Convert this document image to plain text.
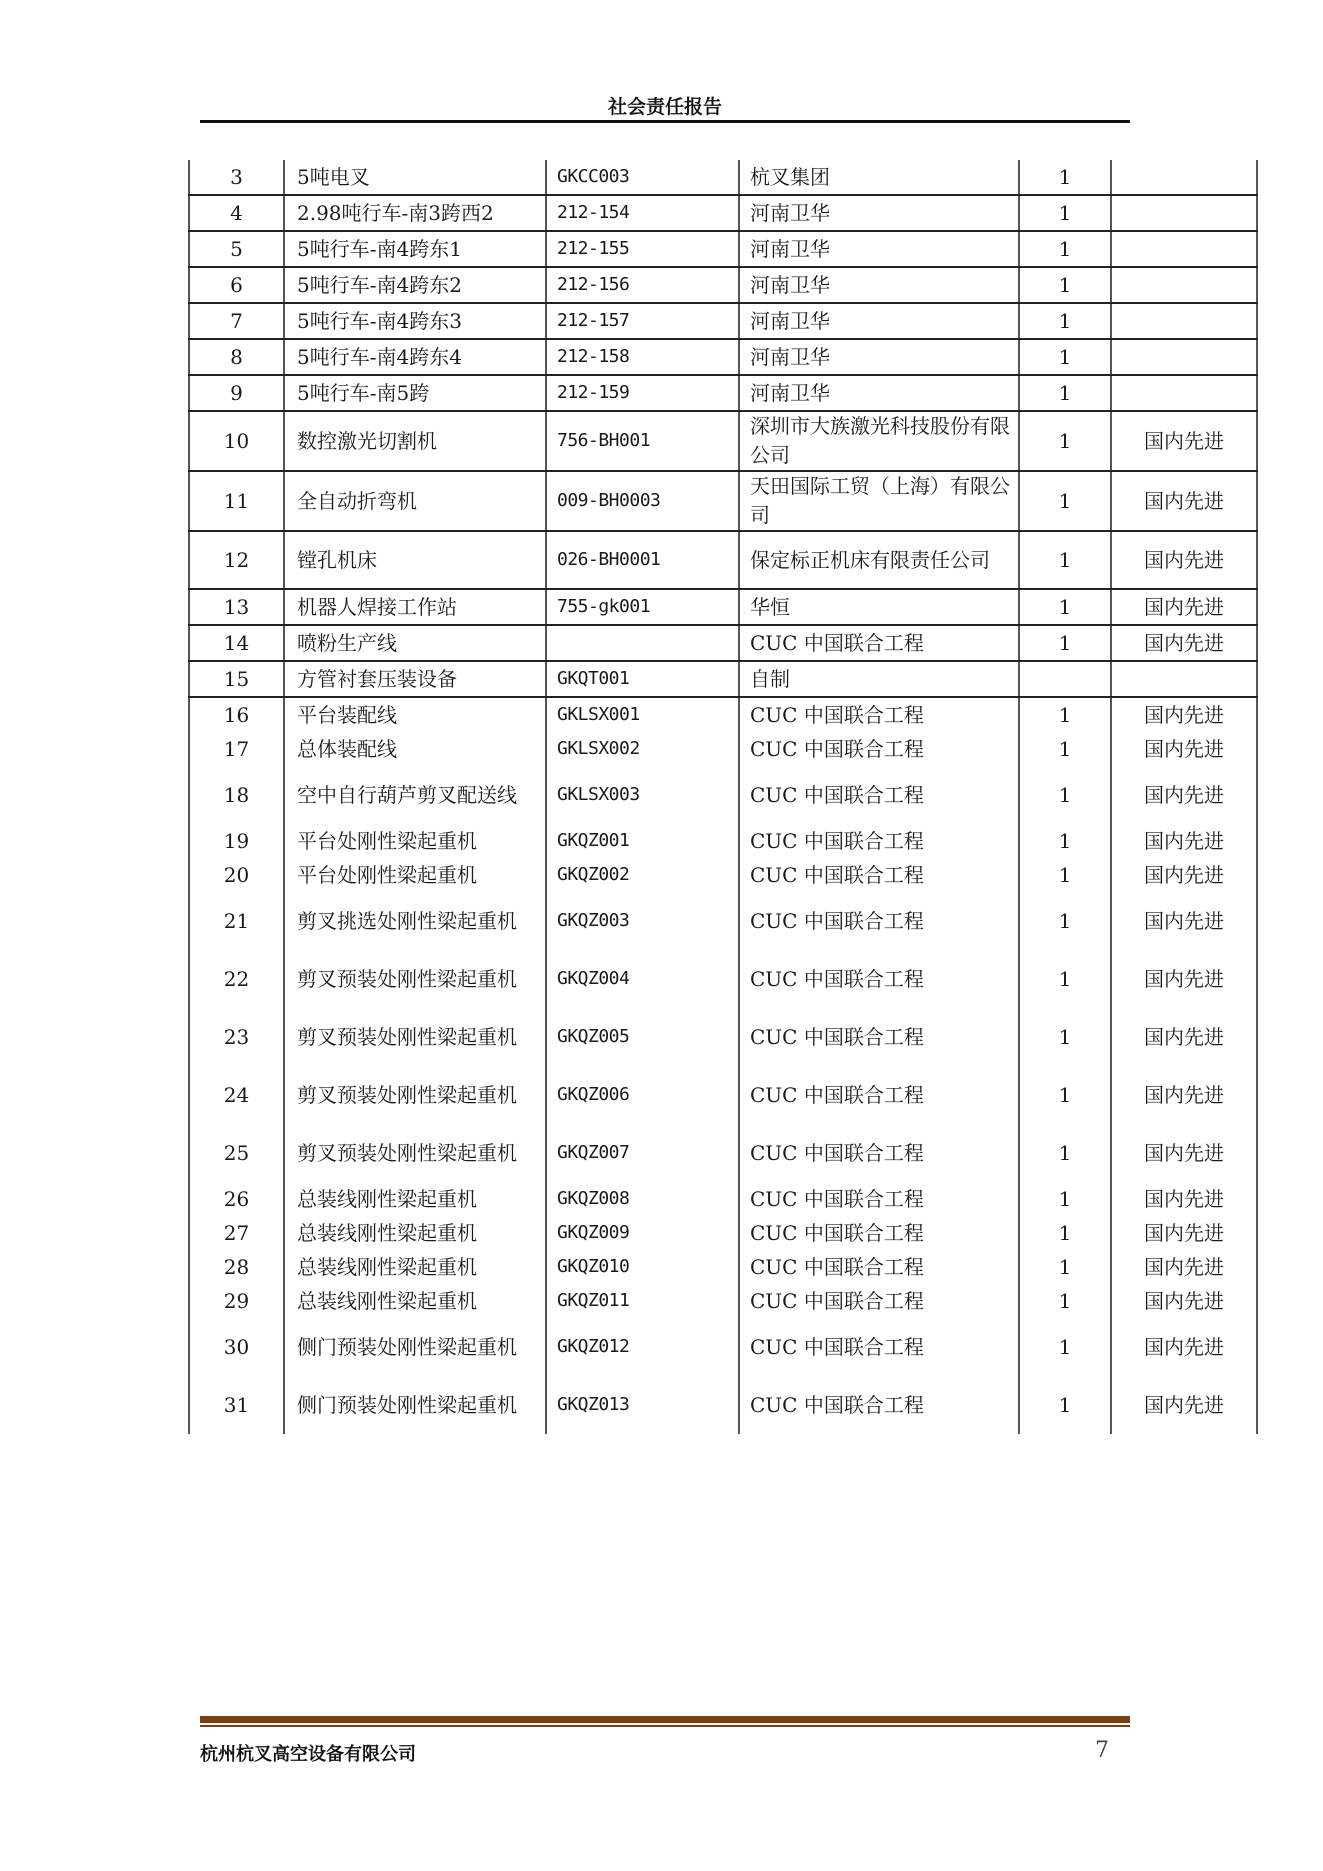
社会责任报告
3	5吨电叉	GKCC003	杭叉集团	1	
4	2.98吨行车-南3跨西2	212-154	河南卫华	1	
5	5吨行车-南4跨东1	212-155	河南卫华	1	
6	5吨行车-南4跨东2	212-156	河南卫华	1	
7	5吨行车-南4跨东3	212-157	河南卫华	1	
8	5吨行车-南4跨东4	212-158	河南卫华	1	
9	5吨行车-南5跨	212-159	河南卫华	1	
10	数控激光切割机	756-BH001	深圳市大族激光科技股份有限公司	1	国内先进
11	全自动折弯机	009-BH0003	天田国际工贸（上海）有限公司	1	国内先进
12	镗孔机床	026-BH0001	保定标正机床有限责任公司	1	国内先进
13	机器人焊接工作站	755-gk001	华恒	1	国内先进
14	喷粉生产线		CUC 中国联合工程	1	国内先进
15	方管衬套压装设备	GKQT001	自制		
16	平台装配线	GKLSX001	CUC 中国联合工程	1	国内先进
17	总体装配线	GKLSX002	CUC 中国联合工程	1	国内先进
18	空中自行葫芦剪叉配送线	GKLSX003	CUC 中国联合工程	1	国内先进
19	平台处刚性梁起重机	GKQZ001	CUC 中国联合工程	1	国内先进
20	平台处刚性梁起重机	GKQZ002	CUC 中国联合工程	1	国内先进
21	剪叉挑选处刚性梁起重机	GKQZ003	CUC 中国联合工程	1	国内先进
22	剪叉预装处刚性梁起重机	GKQZ004	CUC 中国联合工程	1	国内先进
23	剪叉预装处刚性梁起重机	GKQZ005	CUC 中国联合工程	1	国内先进
24	剪叉预装处刚性梁起重机	GKQZ006	CUC 中国联合工程	1	国内先进
25	剪叉预装处刚性梁起重机	GKQZ007	CUC 中国联合工程	1	国内先进
26	总装线刚性梁起重机	GKQZ008	CUC 中国联合工程	1	国内先进
27	总装线刚性梁起重机	GKQZ009	CUC 中国联合工程	1	国内先进
28	总装线刚性梁起重机	GKQZ010	CUC 中国联合工程	1	国内先进
29	总装线刚性梁起重机	GKQZ011	CUC 中国联合工程	1	国内先进
30	侧门预装处刚性梁起重机	GKQZ012	CUC 中国联合工程	1	国内先进
31	侧门预装处刚性梁起重机	GKQZ013	CUC 中国联合工程	1	国内先进
杭州杭叉高空设备有限公司	7
